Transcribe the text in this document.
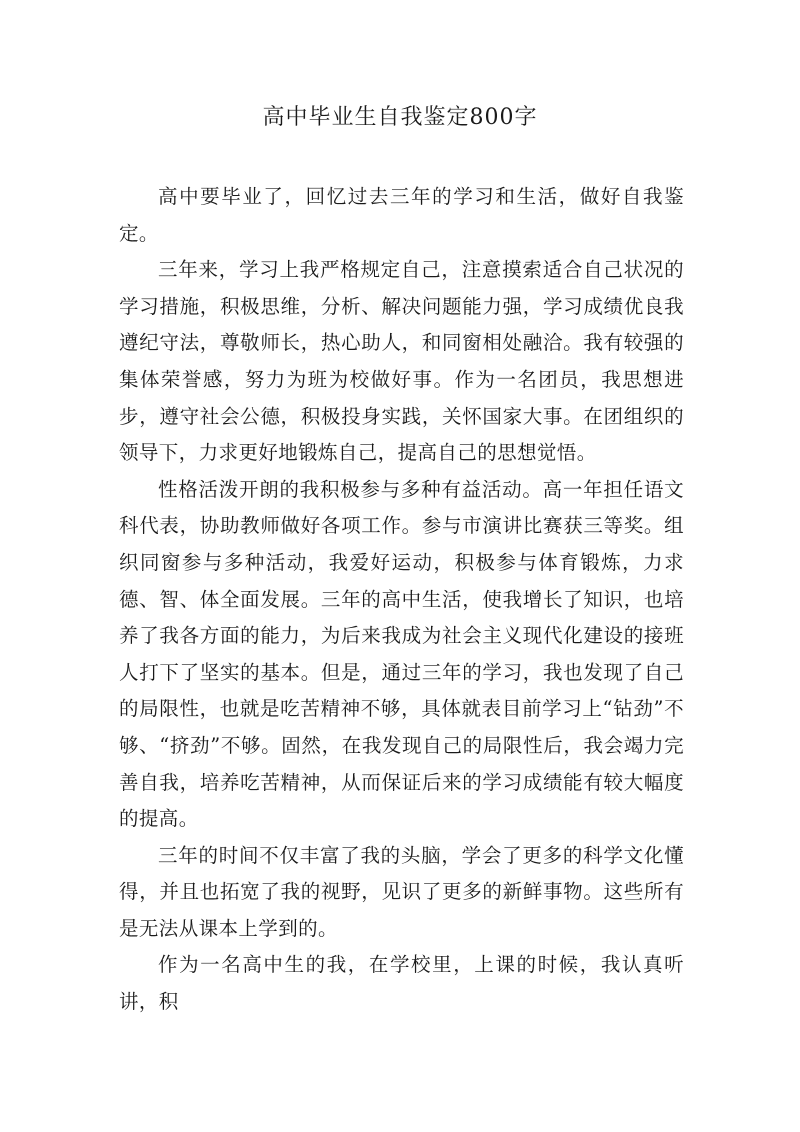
高中毕业生自我鉴定800字

高中要毕业了，回忆过去三年的学习和生活，做好自我鉴定。

三年来，学习上我严格规定自己，注意摸索适合自己状况的学习措施，积极思维，分析、解决问题能力强，学习成绩优良我遵纪守法，尊敬师长，热心助人，和同窗相处融洽。我有较强的集体荣誉感，努力为班为校做好事。作为一名团员，我思想进步，遵守社会公德，积极投身实践，关怀国家大事。在团组织的领导下，力求更好地锻炼自己，提高自己的思想觉悟。

性格活泼开朗的我积极参与多种有益活动。高一年担任语文科代表，协助教师做好各项工作。参与市演讲比赛获三等奖。组织同窗参与多种活动，我爱好运动，积极参与体育锻炼，力求德、智、体全面发展。三年的高中生活，使我增长了知识，也培养了我各方面的能力，为后来我成为社会主义现代化建设的接班人打下了坚实的基本。但是，通过三年的学习，我也发现了自己的局限性，也就是吃苦精神不够，具体就表目前学习上“钻劲”不够、“挤劲”不够。固然，在我发现自己的局限性后，我会竭力完善自我，培养吃苦精神，从而保证后来的学习成绩能有较大幅度的提高。

三年的时间不仅丰富了我的头脑，学会了更多的科学文化懂得，并且也拓宽了我的视野，见识了更多的新鲜事物。这些所有是无法从课本上学到的。

作为一名高中生的我，在学校里，上课的时候，我认真听讲，积
